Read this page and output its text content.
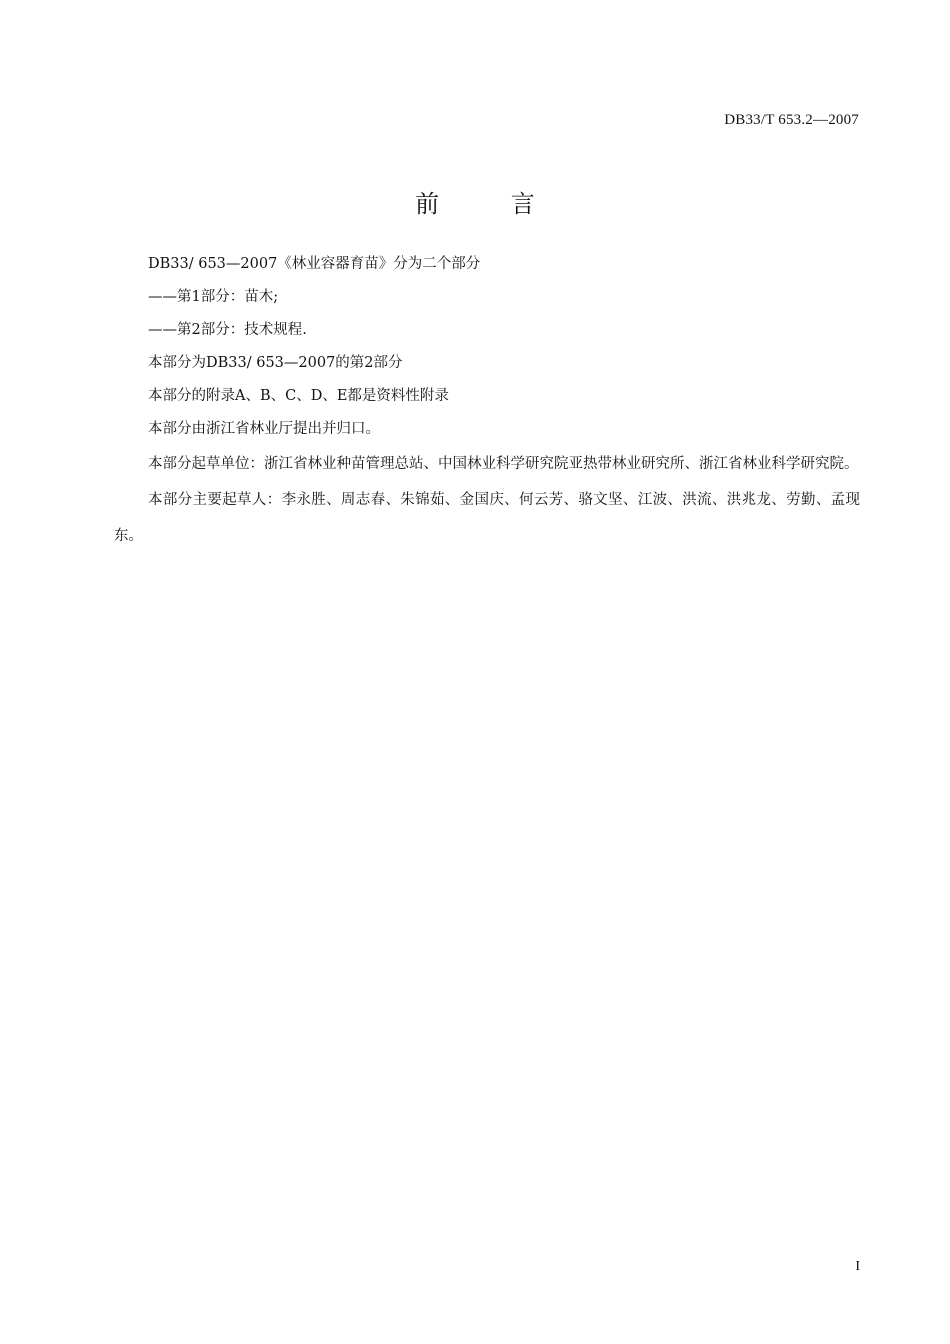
DB33/T 653.2—2007
前 言

DB33/ 653—2007《林业容器育苗》分为二个部分

——第1部分：苗木;

——第2部分：技术规程.

本部分为DB33/ 653—2007的第2部分

本部分的附录A、B、C、D、E都是资料性附录

本部分由浙江省林业厅提出并归口。

本部分起草单位：浙江省林业种苗管理总站、中国林业科学研究院亚热带林业研究所、浙江省林业科学研究院。

本部分主要起草人：李永胜、周志春、朱锦茹、金国庆、何云芳、骆文坚、江波、洪流、洪兆龙、劳勤、孟现东。

I
